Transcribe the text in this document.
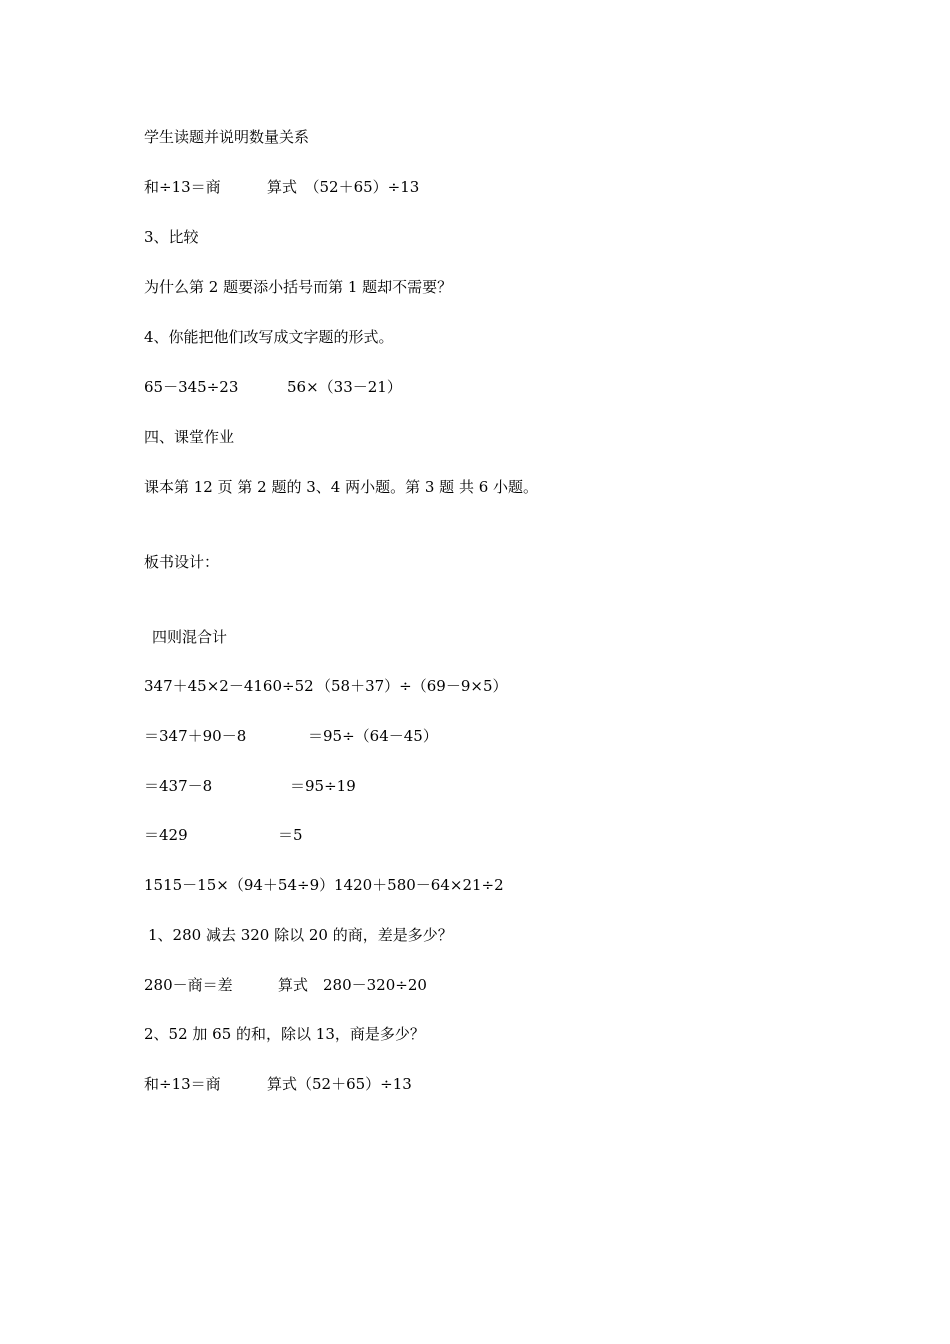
学生读题并说明数量关系

和÷13＝商

	算式　（52＋65）÷13

3、比较
为什么第 2 题要添小括号而第 1 题却不需要？
4、你能把他们改写成文字题的形式。

65－345÷23

	56×（33－21）

四、课堂作业
课本第 12 页 第 2 题的 3、4 两小题。第 3 题 共 6 小题。
板书设计：
四则混合计

347＋45×2－4160÷52

（58＋37）÷（69－9×5）

＝347＋90－8

	＝95÷（64－45）

＝437－8

	＝95÷19

＝429

	＝5

1515－15×（94＋54÷9）

1420＋580－64×21÷2

1、280 减去 320 除以 20 的商，差是多少？

280－商＝差

	算式　280－320÷20

2、52 加 65 的和，除以 13，商是多少？

和÷13＝商

	算式（52＋65）÷13
